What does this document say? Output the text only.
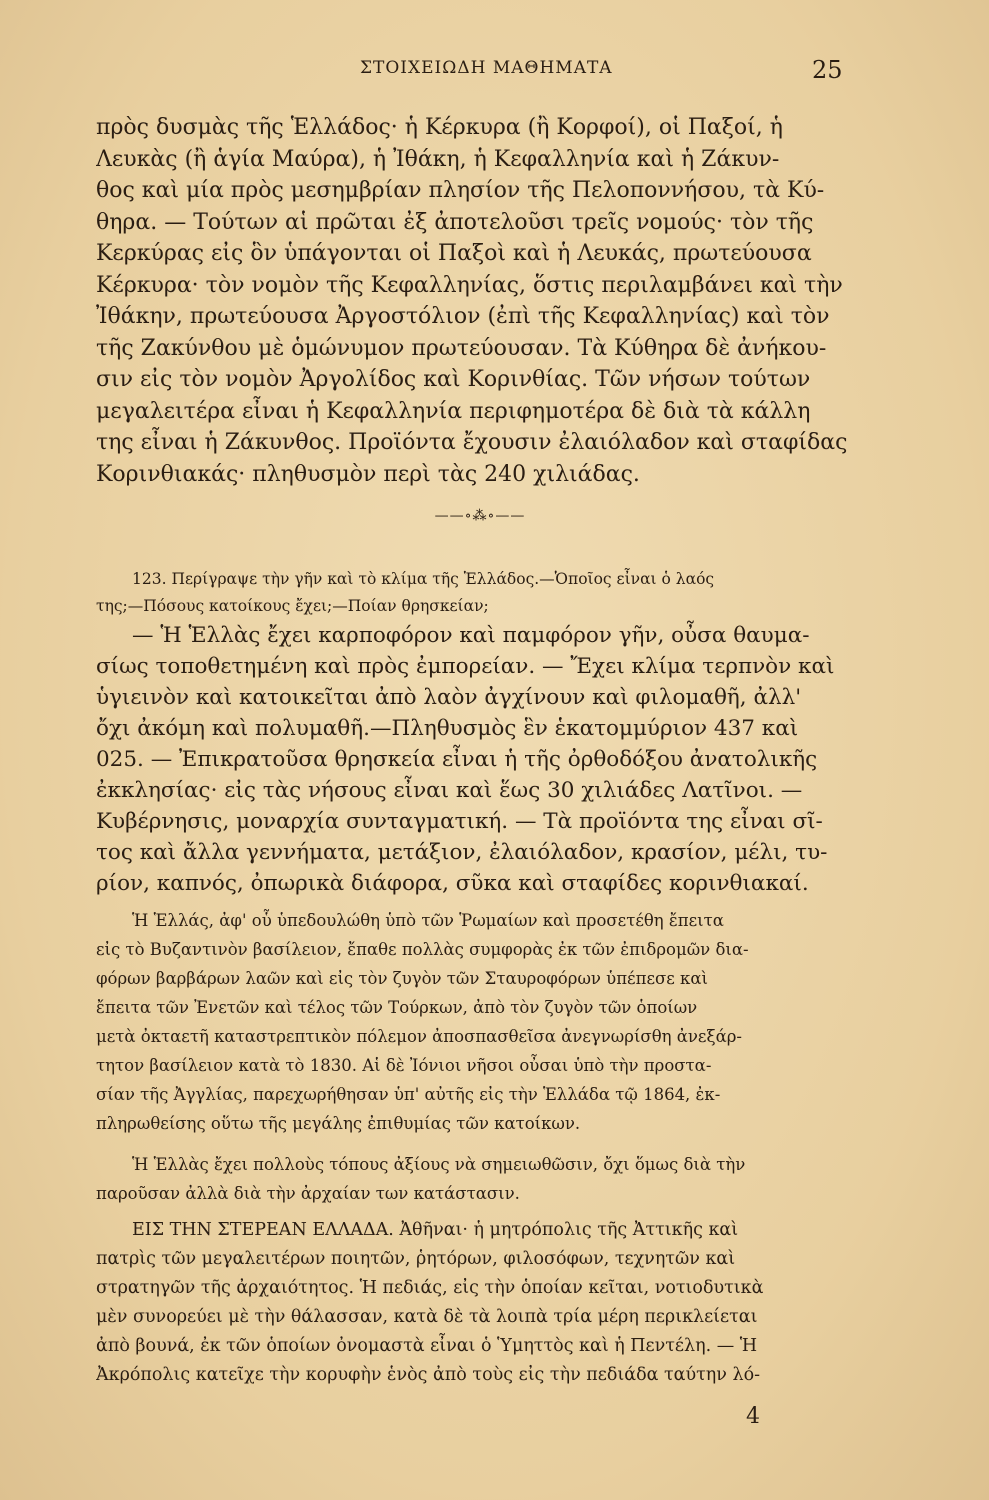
ΣΤΟΙΧΕΙΩΔΗ ΜΑΘΗΜΑΤΑ	25
πρὸς δυσμὰς τῆς Ἑλλάδος· ἡ Κέρκυρα (ἢ Κορφοί), οἱ Παξοί, ἡ
Λευκὰς (ἢ ἁγία Μαύρα), ἡ Ἰθάκη, ἡ Κεφαλληνία καὶ ἡ Ζάκυν-
θος καὶ μία πρὸς μεσημβρίαν πλησίον τῆς Πελοποννήσου, τὰ Κύ-
θηρα. — Τούτων αἱ πρῶται ἐξ ἀποτελοῦσι τρεῖς νομούς· τὸν τῆς
Κερκύρας εἰς ὃν ὑπάγονται οἱ Παξοὶ καὶ ἡ Λευκάς, πρωτεύουσα
Κέρκυρα· τὸν νομὸν τῆς Κεφαλληνίας, ὅστις περιλαμβάνει καὶ τὴν
Ἰθάκην, πρωτεύουσα Ἀργοστόλιον (ἐπὶ τῆς Κεφαλληνίας) καὶ τὸν
τῆς Ζακύνθου μὲ ὁμώνυμον πρωτεύουσαν. Τὰ Κύθηρα δὲ ἀνήκου-
σιν εἰς τὸν νομὸν Ἀργολίδος καὶ Κορινθίας. Τῶν νήσων τούτων
μεγαλειτέρα εἶναι ἡ Κεφαλληνία περιφημοτέρα δὲ διὰ τὰ κάλλη
της εἶναι ἡ Ζάκυνθος. Προϊόντα ἔχουσιν ἐλαιόλαδον καὶ σταφίδας
Κορινθιακάς· πληθυσμὸν περὶ τὰς 240 χιλιάδας.
——∘⁂∘——
123. Περίγραψε τὴν γῆν καὶ τὸ κλίμα τῆς Ἑλλάδος.—Ὁποῖος εἶναι ὁ λαός
της;—Πόσους κατοίκους ἔχει;—Ποίαν θρησκείαν;
— Ἡ Ἑλλὰς ἔχει καρποφόρον καὶ παμφόρον γῆν, οὖσα θαυμα-
σίως τοποθετημένη καὶ πρὸς ἐμπορείαν. — Ἔχει κλίμα τερπνὸν καὶ
ὑγιεινὸν καὶ κατοικεῖται ἀπὸ λαὸν ἀγχίνουν καὶ φιλομαθῆ, ἀλλ'
ὄχι ἀκόμη καὶ πολυμαθῆ.—Πληθυσμὸς ἓν ἑκατομμύριον 437 καὶ
025. — Ἐπικρατοῦσα θρησκεία εἶναι ἡ τῆς ὀρθοδόξου ἀνατολικῆς
ἐκκλησίας· εἰς τὰς νήσους εἶναι καὶ ἕως 30 χιλιάδες Λατῖνοι. —
Κυβέρνησις, μοναρχία συνταγματική. — Τὰ προϊόντα της εἶναι σῖ-
τος καὶ ἄλλα γεννήματα, μετάξιον, ἐλαιόλαδον, κρασίον, μέλι, τυ-
ρίον, καπνός, ὀπωρικὰ διάφορα, σῦκα καὶ σταφίδες κορινθιακαί.
Ἡ Ἑλλάς, ἀφ' οὗ ὑπεδουλώθη ὑπὸ τῶν Ῥωμαίων καὶ προσετέθη ἔπειτα
εἰς τὸ Βυζαντινὸν βασίλειον, ἔπαθε πολλὰς συμφορὰς ἐκ τῶν ἐπιδρομῶν δια-
φόρων βαρβάρων λαῶν καὶ εἰς τὸν ζυγὸν τῶν Σταυροφόρων ὑπέπεσε καὶ
ἔπειτα τῶν Ἐνετῶν καὶ τέλος τῶν Τούρκων, ἀπὸ τὸν ζυγὸν τῶν ὁποίων
μετὰ ὀκταετῆ καταστρεπτικὸν πόλεμον ἀποσπασθεῖσα ἀνεγνωρίσθη ἀνεξάρ-
τητον βασίλειον κατὰ τὸ 1830. Αἱ δὲ Ἰόνιοι νῆσοι οὖσαι ὑπὸ τὴν προστα-
σίαν τῆς Ἀγγλίας, παρεχωρήθησαν ὑπ' αὐτῆς εἰς τὴν Ἑλλάδα τῷ 1864, ἐκ-
πληρωθείσης οὕτω τῆς μεγάλης ἐπιθυμίας τῶν κατοίκων.
Ἡ Ἑλλὰς ἔχει πολλοὺς τόπους ἀξίους νὰ σημειωθῶσιν, ὄχι ὅμως διὰ τὴν
παροῦσαν ἀλλὰ διὰ τὴν ἀρχαίαν των κατάστασιν.
ΕΙΣ ΤΗΝ ΣΤΕΡΕΑΝ ΕΛΛΑΔΑ. Ἀθῆναι· ἡ μητρόπολις τῆς Ἀττικῆς καὶ
πατρὶς τῶν μεγαλειτέρων ποιητῶν, ῥητόρων, φιλοσόφων, τεχνητῶν καὶ
στρατηγῶν τῆς ἀρχαιότητος. Ἡ πεδιάς, εἰς τὴν ὁποίαν κεῖται, νοτιοδυτικὰ
μὲν συνορεύει μὲ τὴν θάλασσαν, κατὰ δὲ τὰ λοιπὰ τρία μέρη περικλείεται
ἀπὸ βουνά, ἐκ τῶν ὁποίων ὀνομαστὰ εἶναι ὁ Ὑμηττὸς καὶ ἡ Πεντέλη. — Ἡ
Ἀκρόπολις κατεῖχε τὴν κορυφὴν ἑνὸς ἀπὸ τοὺς εἰς τὴν πεδιάδα ταύτην λό-
4
